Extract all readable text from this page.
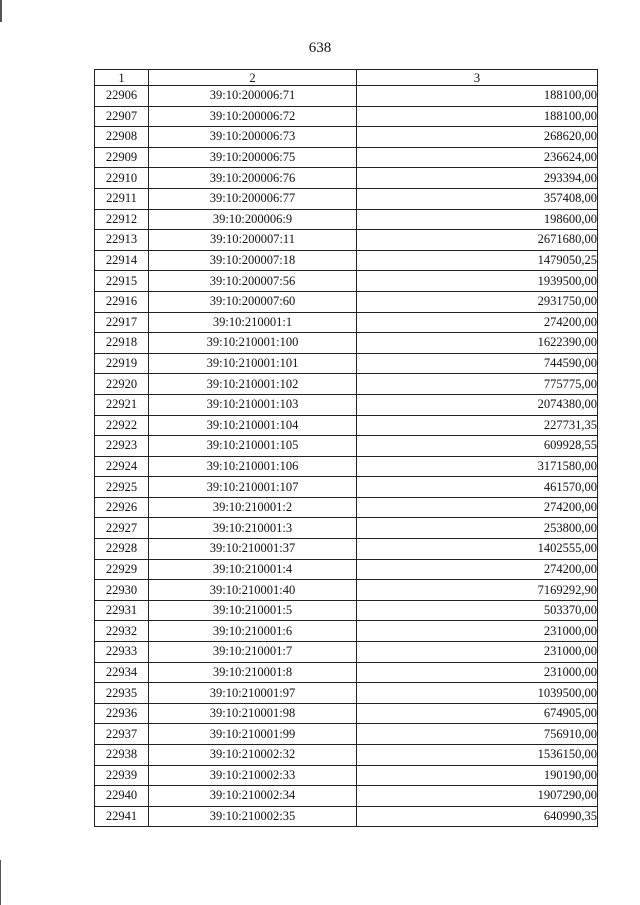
638
1	2	3
22906	39:10:200006:71	188100,00
22907	39:10:200006:72	188100,00
22908	39:10:200006:73	268620,00
22909	39:10:200006:75	236624,00
22910	39:10:200006:76	293394,00
22911	39:10:200006:77	357408,00
22912	39:10:200006:9	198600,00
22913	39:10:200007:11	2671680,00
22914	39:10:200007:18	1479050,25
22915	39:10:200007:56	1939500,00
22916	39:10:200007:60	2931750,00
22917	39:10:210001:1	274200,00
22918	39:10:210001:100	1622390,00
22919	39:10:210001:101	744590,00
22920	39:10:210001:102	775775,00
22921	39:10:210001:103	2074380,00
22922	39:10:210001:104	227731,35
22923	39:10:210001:105	609928,55
22924	39:10:210001:106	3171580,00
22925	39:10:210001:107	461570,00
22926	39:10:210001:2	274200,00
22927	39:10:210001:3	253800,00
22928	39:10:210001:37	1402555,00
22929	39:10:210001:4	274200,00
22930	39:10:210001:40	7169292,90
22931	39:10:210001:5	503370,00
22932	39:10:210001:6	231000,00
22933	39:10:210001:7	231000,00
22934	39:10:210001:8	231000,00
22935	39:10:210001:97	1039500,00
22936	39:10:210001:98	674905,00
22937	39:10:210001:99	756910,00
22938	39:10:210002:32	1536150,00
22939	39:10:210002:33	190190,00
22940	39:10:210002:34	1907290,00
22941	39:10:210002:35	640990,35
